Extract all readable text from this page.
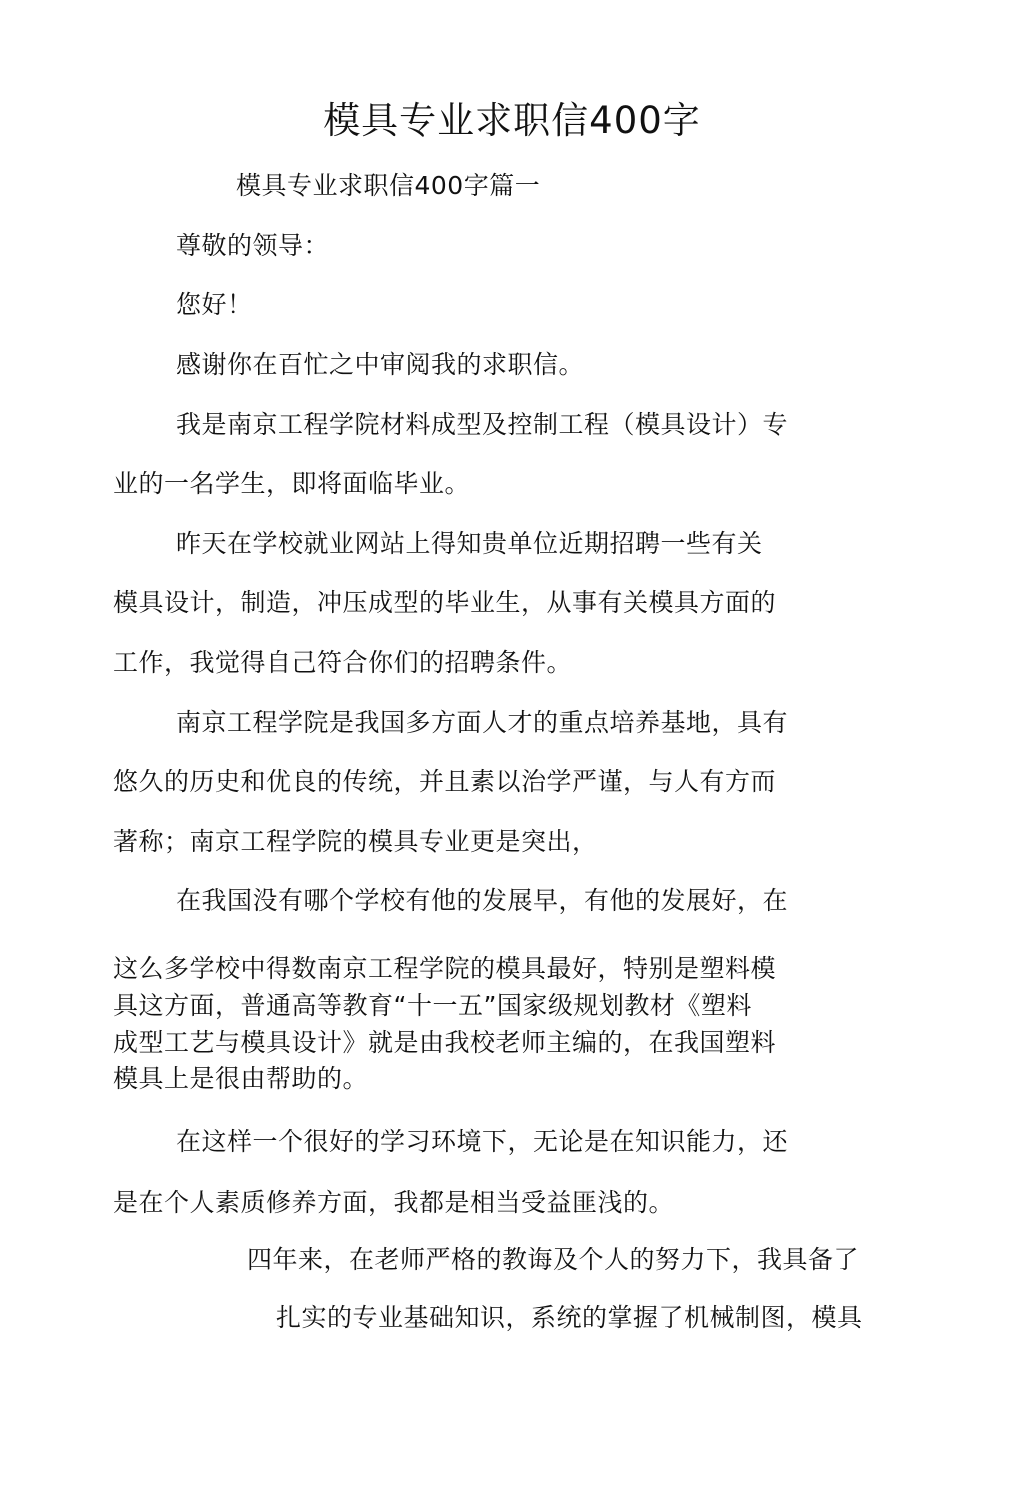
模具专业求职信400字
模具专业求职信400字篇一
尊敬的领导：
您好！
感谢你在百忙之中审阅我的求职信。
我是南京工程学院材料成型及控制工程（模具设计）专
业的一名学生，即将面临毕业。
昨天在学校就业网站上得知贵单位近期招聘一些有关
模具设计，制造，冲压成型的毕业生，从事有关模具方面的
工作，我觉得自己符合你们的招聘条件。
南京工程学院是我国多方面人才的重点培养基地，具有
悠久的历史和优良的传统，并且素以治学严谨，与人有方而
著称；南京工程学院的模具专业更是突出，
在我国没有哪个学校有他的发展早，有他的发展好，在
这么多学校中得数南京工程学院的模具最好，特别是塑料模
具这方面，普通高等教育“十一五”国家级规划教材《塑料
成型工艺与模具设计》就是由我校老师主编的，在我国塑料
模具上是很由帮助的。
在这样一个很好的学习环境下，无论是在知识能力，还
是在个人素质修养方面，我都是相当受益匪浅的。
四年来，在老师严格的教诲及个人的努力下，我具备了
扎实的专业基础知识，系统的掌握了机械制图，模具
